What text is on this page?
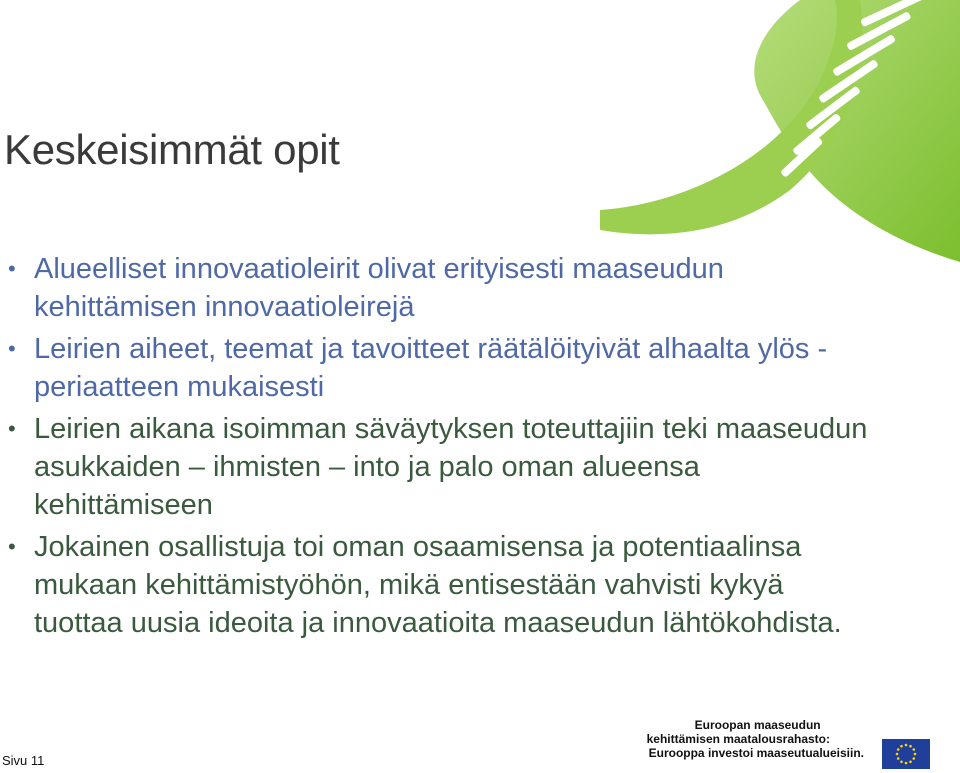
Keskeisimmät opit
• Alueelliset innovaatioleirit olivat erityisesti maaseudun kehittämisen innovaatioleirejä
• Leirien aiheet, teemat ja tavoitteet räätälöityivät alhaalta ylös -periaatteen mukaisesti
• Leirien aikana isoimman säväytyksen toteuttajiin teki maaseudun asukkaiden – ihmisten – into ja palo oman alueensa kehittämiseen
• Jokainen osallistuja toi oman osaamisensa ja potentiaalinsa mukaan kehittämistyöhön, mikä entisestään vahvisti kykyä tuottaa uusia ideoita ja innovaatioita maaseudun lähtökohdista.
Sivu 11
Euroopan maaseudun
kehittämisen maatalousrahasto:
Eurooppa investoi maaseutualueisiin.
